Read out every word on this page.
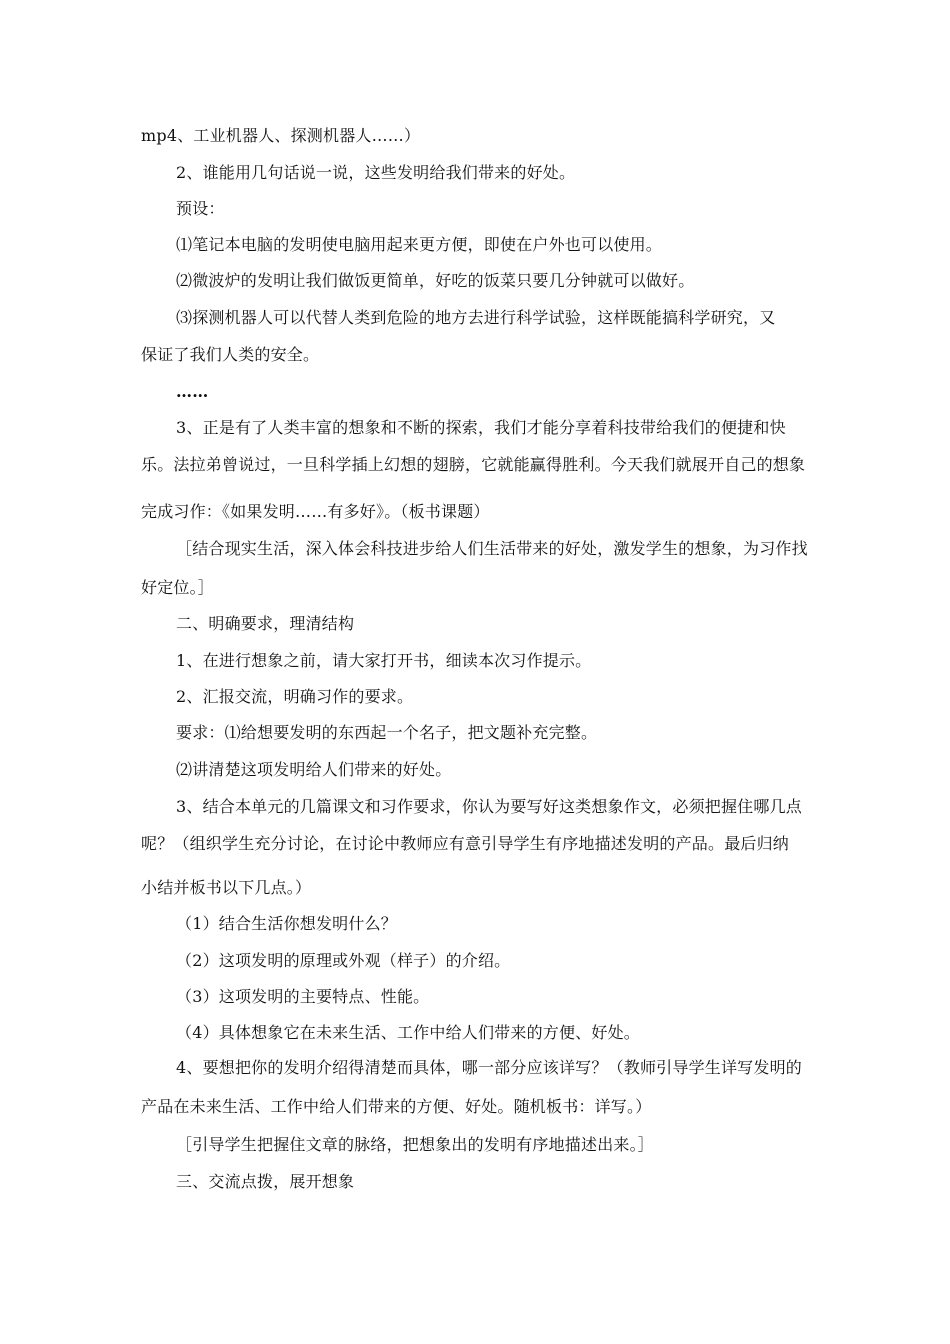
mp4、工业机器人、探测机器人……）
2、谁能用几句话说一说，这些发明给我们带来的好处。
预设：
⑴笔记本电脑的发明使电脑用起来更方便，即使在户外也可以使用。
⑵微波炉的发明让我们做饭更简单，好吃的饭菜只要几分钟就可以做好。
⑶探测机器人可以代替人类到危险的地方去进行科学试验，这样既能搞科学研究，又
保证了我们人类的安全。
……
3、正是有了人类丰富的想象和不断的探索，我们才能分享着科技带给我们的便捷和快
乐。法拉弟曾说过，一旦科学插上幻想的翅膀，它就能赢得胜利。今天我们就展开自己的想象
完成习作：《如果发明……有多好》。（板书课题）
［结合现实生活，深入体会科技进步给人们生活带来的好处，激发学生的想象，为习作找
好定位。］
二、明确要求，理清结构
1、在进行想象之前，请大家打开书，细读本次习作提示。
2、汇报交流，明确习作的要求。
要求：⑴给想要发明的东西起一个名子，把文题补充完整。
⑵讲清楚这项发明给人们带来的好处。
3、结合本单元的几篇课文和习作要求，你认为要写好这类想象作文，必须把握住哪几点
呢？（组织学生充分讨论，在讨论中教师应有意引导学生有序地描述发明的产品。最后归纳
小结并板书以下几点。）
（1）结合生活你想发明什么？
（2）这项发明的原理或外观（样子）的介绍。
（3）这项发明的主要特点、性能。
（4）具体想象它在未来生活、工作中给人们带来的方便、好处。
4、要想把你的发明介绍得清楚而具体，哪一部分应该详写？（教师引导学生详写发明的
产品在未来生活、工作中给人们带来的方便、好处。随机板书：详写。）
［引导学生把握住文章的脉络，把想象出的发明有序地描述出来。］
三、交流点拨，展开想象
